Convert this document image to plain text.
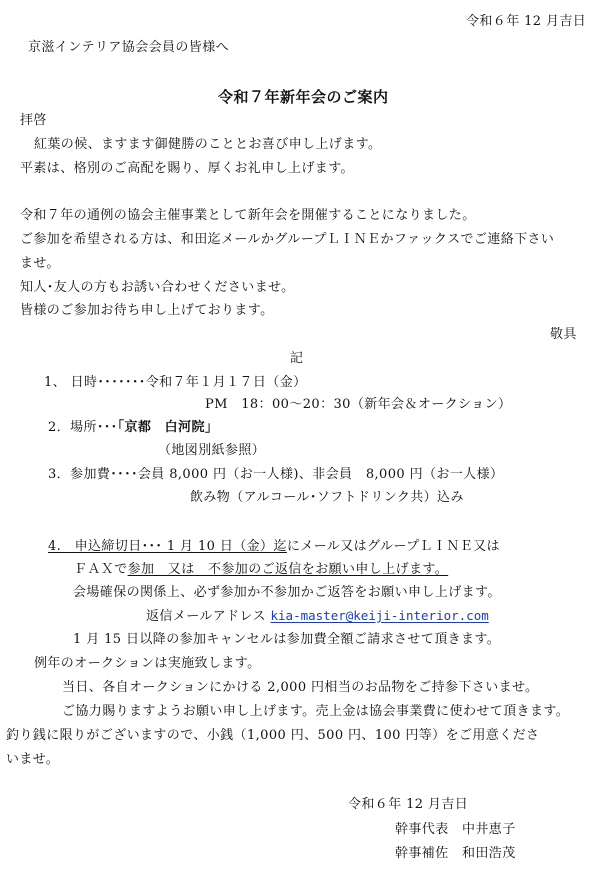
令和６年 12 月吉日
京滋インテリア協会会員の皆様へ
令和７年新年会のご案内
拝啓
紅葉の候、ますます御健勝のこととお喜び申し上げます。
平素は、格別のご高配を賜り、厚くお礼申し上げます。
令和７年の通例の協会主催事業として新年会を開催することになりました。
ご参加を希望される方は、和田迄メールかグループＬＩＮＥかファックスでご連絡下さい
ませ。
知人･友人の方もお誘い合わせくださいませ。
皆様のご参加お待ち申し上げております。
敬具
記
1、 日時･･･････令和７年１月１７日（金）
PM　18：00～20：30（新年会＆オークション）
2．場所･･･｢京都　白河院｣
（地図別紙参照）
3．参加費････会員 8,000 円（お一人様)、非会員　8,000 円（お一人様）
飲み物（アルコール･ソフトドリンク共）込み
4.　申込締切日･･･ 1 月 10 日（金）迄にメール又はグループＬＩＮＥ又は
ＦＡＸで参加　又は　不参加のご返信をお願い申し上げます。
会場確保の関係上、必ず参加か不参加かご返答をお願い申し上げます。
返信メールアドレス kia-master@keiji-interior.com
1 月 15 日以降の参加キャンセルは参加費全額ご請求させて頂きます。
例年のオークションは実施致します。
当日、各自オークションにかける 2,000 円相当のお品物をご持参下さいませ。
ご協力賜りますようお願い申し上げます。売上金は協会事業費に使わせて頂きます。
釣り銭に限りがございますので、小銭（1,000 円、500 円、100 円等）をご用意くださ
いませ。
令和６年 12 月吉日
幹事代表　中井恵子
幹事補佐　和田浩茂
